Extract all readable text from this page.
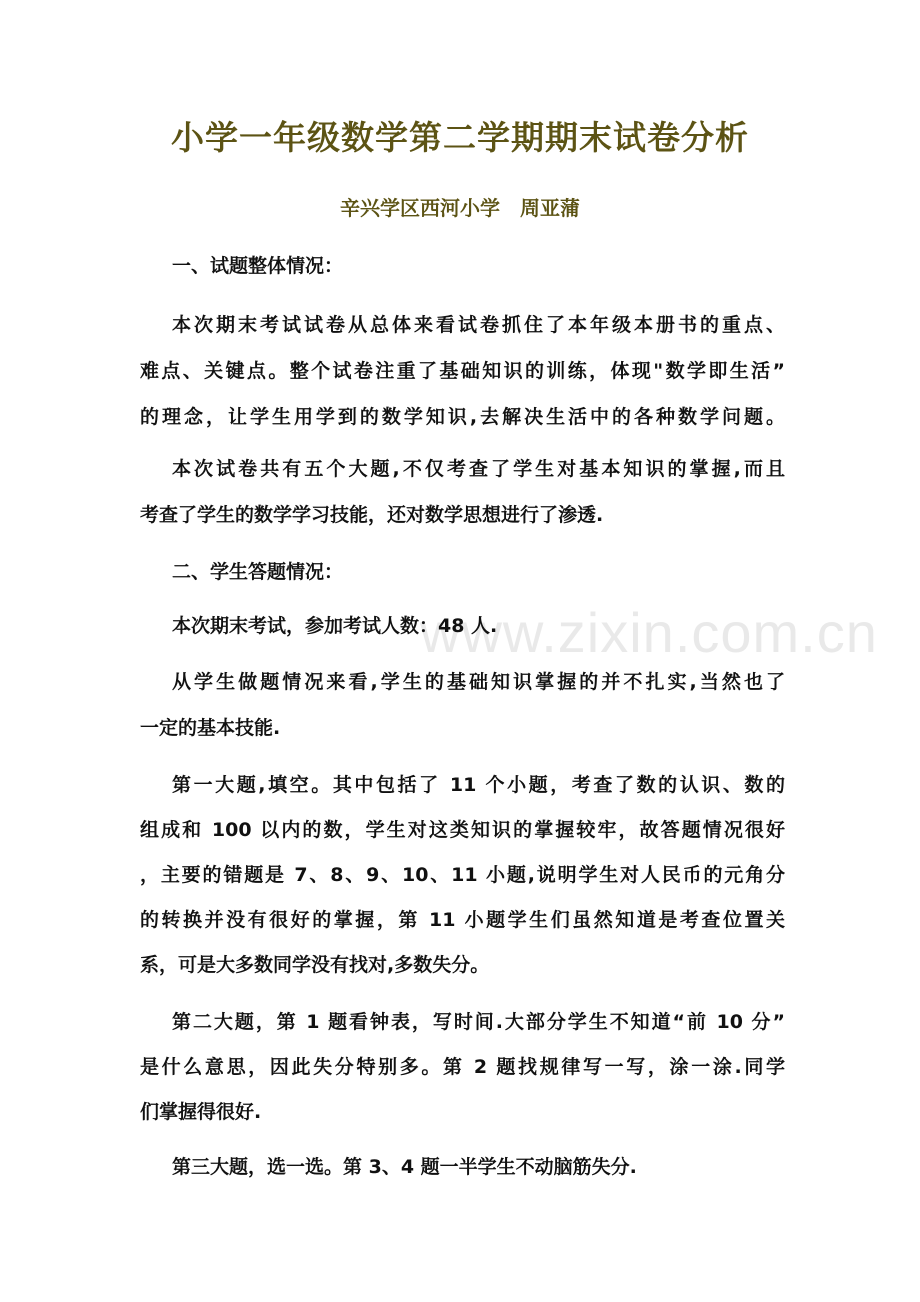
www.zixin.com.cn
小学一年级数学第二学期期末试卷分析
辛兴学区西河小学　周亚蒲
一、试题整体情况：
本次期末考试试卷从总体来看试卷抓住了本年级本册书的重点、
难点、关键点。整个试卷注重了基础知识的训练，体现"数学即生活”
的理念，让学生用学到的数学知识,去解决生活中的各种数学问题。
本次试卷共有五个大题,不仅考查了学生对基本知识的掌握,而且
考查了学生的数学学习技能，还对数学思想进行了渗透.
二、学生答题情况：
本次期末考试，参加考试人数：48 人.
从学生做题情况来看,学生的基础知识掌握的并不扎实,当然也了
一定的基本技能.
第一大题,填空。其中包括了 11 个小题，考查了数的认识、数的
组成和 100 以内的数，学生对这类知识的掌握较牢，故答题情况很好
，主要的错题是 7、8、9、10、11 小题,说明学生对人民币的元角分
的转换并没有很好的掌握，第 11 小题学生们虽然知道是考查位置关
系，可是大多数同学没有找对,多数失分。
第二大题，第 1 题看钟表，写时间.大部分学生不知道“前 10 分”
是什么意思，因此失分特别多。第 2 题找规律写一写，涂一涂.同学
们掌握得很好.
第三大题，选一选。第 3、4 题一半学生不动脑筋失分.
